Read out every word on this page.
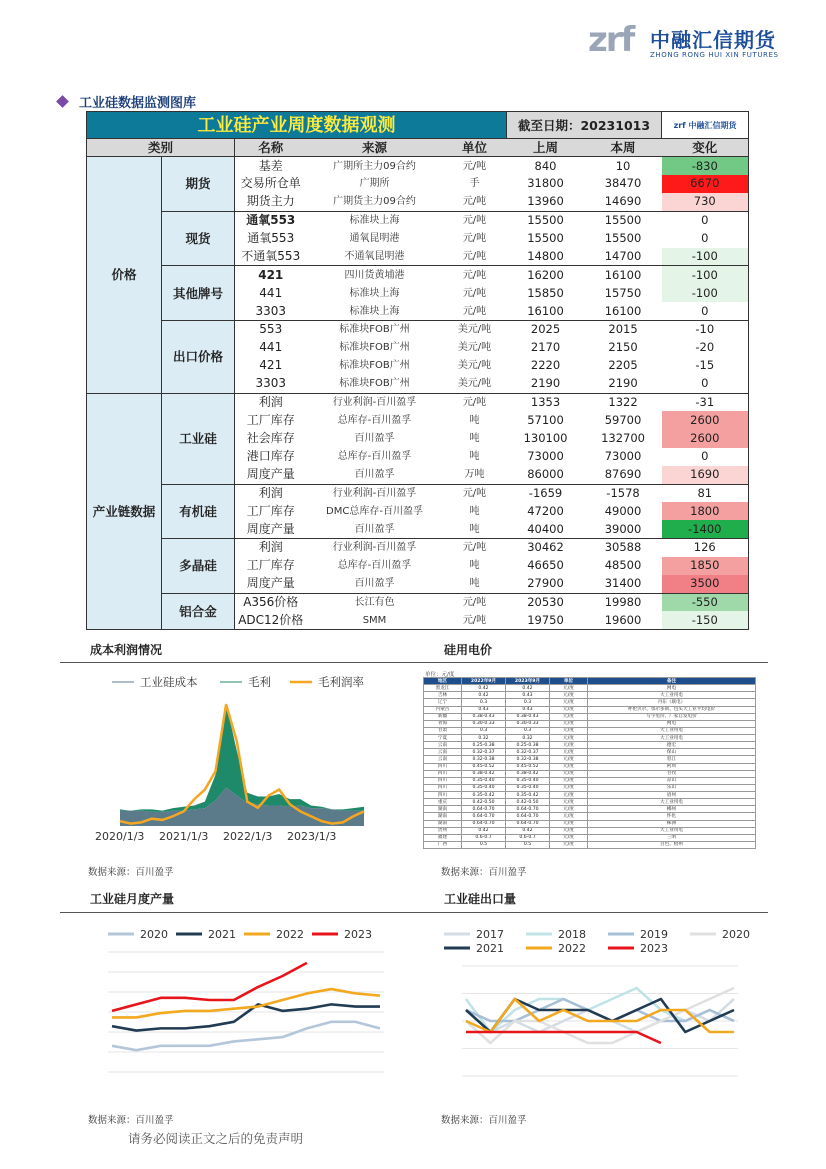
zrf 中融汇信期货
ZHONG RONG HUI XIN FUTURES
工业硅数据监测图库
工业硅产业周度数据观测					截至日期：20231013		zrf 中融汇信期货
类别		名称	来源	单位	上周	本周	变化
价格	期货	基差	广期所主力09合约	元/吨	840	10	-830
		交易所仓单	广期所	手	31800	38470	6670
		期货主力	广期货主力09合约	元/吨	13960	14690	730
	现货	通氧553	标准块上海	元/吨	15500	15500	0
		通氧553	通氧昆明港	元/吨	15500	15500	0
		不通氧553	不通氧昆明港	元/吨	14800	14700	-100
	其他牌号	421	四川货黄埔港	元/吨	16200	16100	-100
		441	标准块上海	元/吨	15850	15750	-100
		3303	标准块上海	元/吨	16100	16100	0
	出口价格	553	标准块FOB广州	美元/吨	2025	2015	-10
		441	标准块FOB广州	美元/吨	2170	2150	-20
		421	标准块FOB广州	美元/吨	2220	2205	-15
		3303	标准块FOB广州	美元/吨	2190	2190	0
产业链数据	工业硅	利润	行业利润-百川盈孚	元/吨	1353	1322	-31
		工厂库存	总库存-百川盈孚	吨	57100	59700	2600
		社会库存	百川盈孚	吨	130100	132700	2600
		港口库存	总库存-百川盈孚	吨	73000	73000	0
		周度产量	百川盈孚	万吨	86000	87690	1690
	有机硅	利润	行业利润-百川盈孚	元/吨	-1659	-1578	81
		工厂库存	DMC总库存-百川盈孚	吨	47200	49000	1800
		周度产量	百川盈孚	吨	40400	39000	-1400
	多晶硅	利润	行业利润-百川盈孚	元/吨	30462	30588	126
		工厂库存	总库存-百川盈孚	吨	46650	48500	1850
		周度产量	百川盈孚	吨	27900	31400	3500
	铝合金	A356价格	长江有色	元/吨	20530	19980	-550
		ADC12价格	SMM	元/吨	19750	19600	-150
成本利润情况	硅用电价
工业硅成本	毛利	毛利润率
2020/1/3 2021/1/3 2022/1/3 2023/1/3
单位：元/度
地区	2022年9月	2023年9月	单位	备注
黑龙江	0.42	0.42	元/度	网电
吉林	0.42	0.43	元/度	大工业用电
辽宁	0.3	0.3	元/度	丹东（联电）
内蒙古	0.43	0.43	元/度	呼伦贝尔、鄂尔多斯、包头大工业平均电价
新疆	0.38-0.43	0.38-0.43	元/度	写字电价、厂家自发电价
青海	0.30-0.33	0.30-0.33	元/度	网电
甘肃	0.3	0.3	元/度	大工业用电
宁夏	0.32	0.32	元/度	大工业用电
云南	0.25-0.38	0.25-0.38	元/度	德宏
云南	0.32-0.37	0.32-0.37	元/度	保山
云南	0.32-0.38	0.32-0.38	元/度	怒江
四川	0.45-0.52	0.45-0.52	元/度	阿坝
四川	0.38-0.42	0.38-0.42	元/度	甘孜
四川	0.35-0.40	0.35-0.40	元/度	凉山
四川	0.35-0.40	0.35-0.40	元/度	乐山
四川	0.35-0.42	0.35-0.42	元/度	眉州
重庆	0.42-0.50	0.42-0.50	元/度	大工业用电
湖南	0.64-0.70	0.64-0.70	元/度	郴州
湖南	0.64-0.70	0.64-0.70	元/度	怀化
湖南	0.64-0.70	0.64-0.70	元/度	株洲
贵州	0.42	0.42	元/度	大工业用电
福建	0.6-0.7	0.6-0.7	元/度	三明
广西	0.5	0.5	元/度	百色、梧州
数据来源：百川盈孚	数据来源：百川盈孚
工业硅月度产量	工业硅出口量
2020	2021	2022	2023	2017	2018	2019	2020
2021	2022	2023
数据来源：百川盈孚	数据来源：百川盈孚
请务必阅读正文之后的免责声明
